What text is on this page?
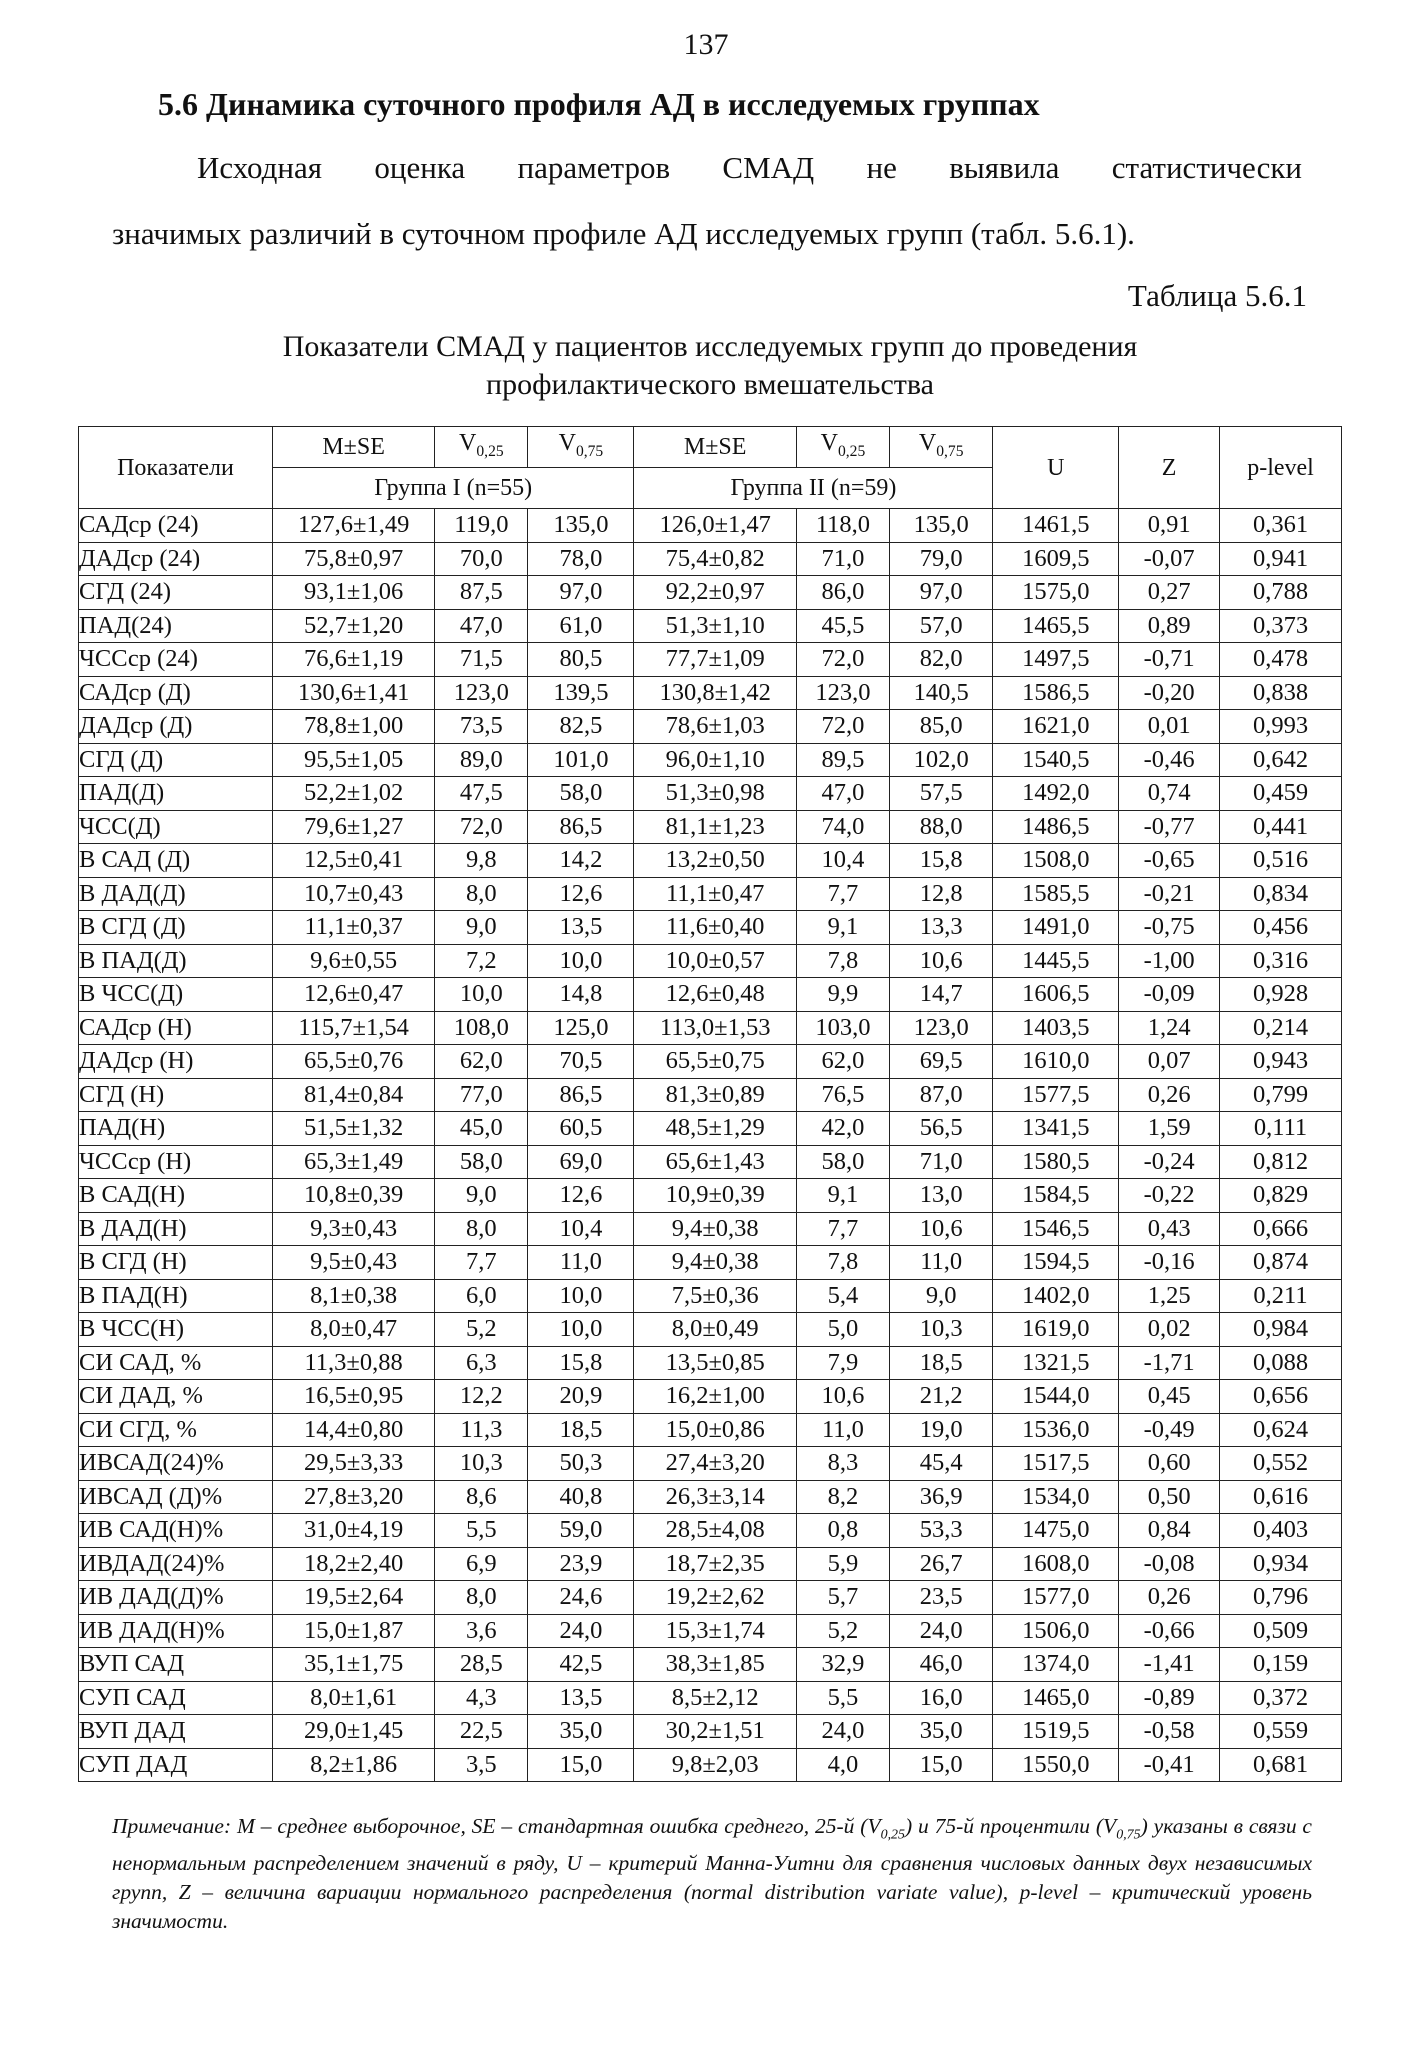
137
5.6 Динамика суточного профиля АД в исследуемых группах
Исходная оценка параметров СМАД не выявила статистически
значимых различий в суточном профиле АД исследуемых групп (табл. 5.6.1).
Таблица 5.6.1
Показатели СМАД у пациентов исследуемых групп до проведения
профилактического вмешательства
Показатели	M±SE	$V_{0,25}$	$V_{0,75}$	M±SE	$V_{0,25}$	$V_{0,75}$	U	Z	p-level
	Группа I (n=55)			Группа II (n=59)					
САДср (24)	127,6±1,49	119,0	135,0	126,0±1,47	118,0	135,0	1461,5	0,91	0,361
ДАДср (24)	75,8±0,97	70,0	78,0	75,4±0,82	71,0	79,0	1609,5	-0,07	0,941
СГД (24)	93,1±1,06	87,5	97,0	92,2±0,97	86,0	97,0	1575,0	0,27	0,788
ПАД(24)	52,7±1,20	47,0	61,0	51,3±1,10	45,5	57,0	1465,5	0,89	0,373
ЧССср (24)	76,6±1,19	71,5	80,5	77,7±1,09	72,0	82,0	1497,5	-0,71	0,478
САДср (Д)	130,6±1,41	123,0	139,5	130,8±1,42	123,0	140,5	1586,5	-0,20	0,838
ДАДср (Д)	78,8±1,00	73,5	82,5	78,6±1,03	72,0	85,0	1621,0	0,01	0,993
СГД (Д)	95,5±1,05	89,0	101,0	96,0±1,10	89,5	102,0	1540,5	-0,46	0,642
ПАД(Д)	52,2±1,02	47,5	58,0	51,3±0,98	47,0	57,5	1492,0	0,74	0,459
ЧСС(Д)	79,6±1,27	72,0	86,5	81,1±1,23	74,0	88,0	1486,5	-0,77	0,441
В САД (Д)	12,5±0,41	9,8	14,2	13,2±0,50	10,4	15,8	1508,0	-0,65	0,516
В ДАД(Д)	10,7±0,43	8,0	12,6	11,1±0,47	7,7	12,8	1585,5	-0,21	0,834
В СГД (Д)	11,1±0,37	9,0	13,5	11,6±0,40	9,1	13,3	1491,0	-0,75	0,456
В ПАД(Д)	9,6±0,55	7,2	10,0	10,0±0,57	7,8	10,6	1445,5	-1,00	0,316
В ЧСС(Д)	12,6±0,47	10,0	14,8	12,6±0,48	9,9	14,7	1606,5	-0,09	0,928
САДср (Н)	115,7±1,54	108,0	125,0	113,0±1,53	103,0	123,0	1403,5	1,24	0,214
ДАДср (Н)	65,5±0,76	62,0	70,5	65,5±0,75	62,0	69,5	1610,0	0,07	0,943
СГД (Н)	81,4±0,84	77,0	86,5	81,3±0,89	76,5	87,0	1577,5	0,26	0,799
ПАД(Н)	51,5±1,32	45,0	60,5	48,5±1,29	42,0	56,5	1341,5	1,59	0,111
ЧССср (Н)	65,3±1,49	58,0	69,0	65,6±1,43	58,0	71,0	1580,5	-0,24	0,812
В САД(Н)	10,8±0,39	9,0	12,6	10,9±0,39	9,1	13,0	1584,5	-0,22	0,829
В ДАД(Н)	9,3±0,43	8,0	10,4	9,4±0,38	7,7	10,6	1546,5	0,43	0,666
В СГД (Н)	9,5±0,43	7,7	11,0	9,4±0,38	7,8	11,0	1594,5	-0,16	0,874
В ПАД(Н)	8,1±0,38	6,0	10,0	7,5±0,36	5,4	9,0	1402,0	1,25	0,211
В ЧСС(Н)	8,0±0,47	5,2	10,0	8,0±0,49	5,0	10,3	1619,0	0,02	0,984
СИ САД, %	11,3±0,88	6,3	15,8	13,5±0,85	7,9	18,5	1321,5	-1,71	0,088
СИ ДАД, %	16,5±0,95	12,2	20,9	16,2±1,00	10,6	21,2	1544,0	0,45	0,656
СИ СГД, %	14,4±0,80	11,3	18,5	15,0±0,86	11,0	19,0	1536,0	-0,49	0,624
ИВСАД(24)%	29,5±3,33	10,3	50,3	27,4±3,20	8,3	45,4	1517,5	0,60	0,552
ИВСАД (Д)%	27,8±3,20	8,6	40,8	26,3±3,14	8,2	36,9	1534,0	0,50	0,616
ИВ САД(Н)%	31,0±4,19	5,5	59,0	28,5±4,08	0,8	53,3	1475,0	0,84	0,403
ИВДАД(24)%	18,2±2,40	6,9	23,9	18,7±2,35	5,9	26,7	1608,0	-0,08	0,934
ИВ ДАД(Д)%	19,5±2,64	8,0	24,6	19,2±2,62	5,7	23,5	1577,0	0,26	0,796
ИВ ДАД(Н)%	15,0±1,87	3,6	24,0	15,3±1,74	5,2	24,0	1506,0	-0,66	0,509
ВУП САД	35,1±1,75	28,5	42,5	38,3±1,85	32,9	46,0	1374,0	-1,41	0,159
СУП САД	8,0±1,61	4,3	13,5	8,5±2,12	5,5	16,0	1465,0	-0,89	0,372
ВУП ДАД	29,0±1,45	22,5	35,0	30,2±1,51	24,0	35,0	1519,5	-0,58	0,559
СУП ДАД	8,2±1,86	3,5	15,0	9,8±2,03	4,0	15,0	1550,0	-0,41	0,681
Примечание: M – среднее выборочное, SE – стандартная ошибка среднего, 25-й $(V_{0,25})$ и 75-й процентили $(V_{0,75})$ указаны в связи с ненормальным распределением значений в ряду, U – критерий Манна-Уитни для сравнения числовых данных двух независимых групп, Z – величина вариации нормального распределения (normal distribution variate value), p-level – критический уровень значимости.
